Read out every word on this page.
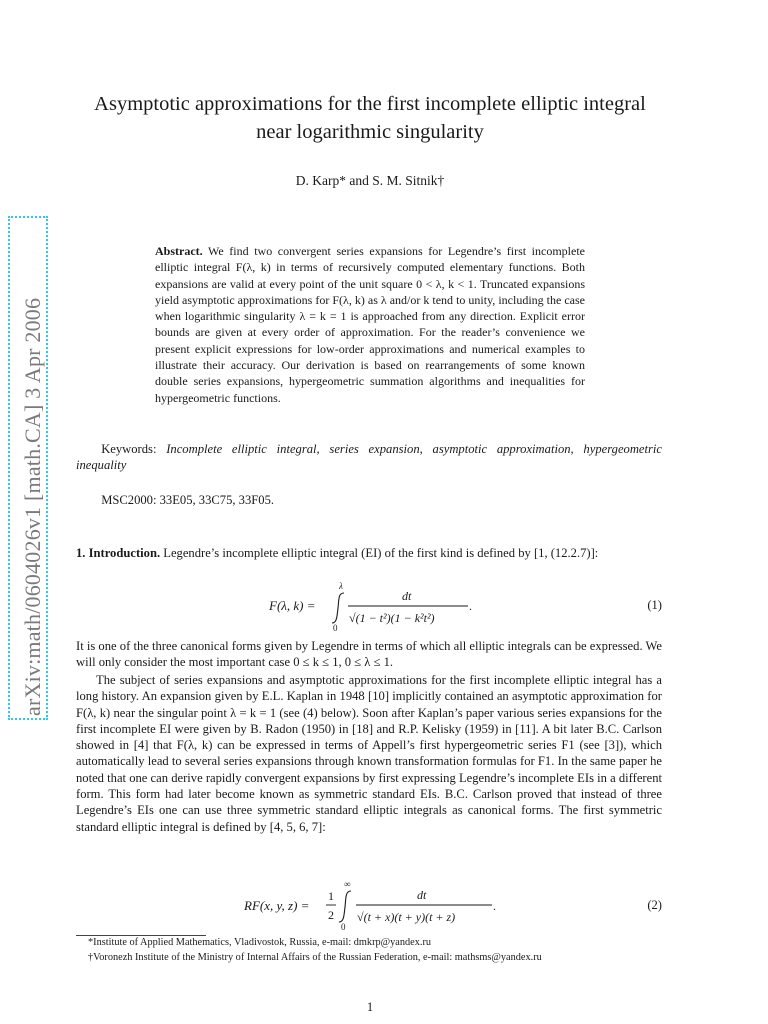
arXiv:math/0604026v1 [math.CA] 3 Apr 2006
Asymptotic approximations for the first incomplete elliptic integral
near logarithmic singularity
D. Karp* and S. M. Sitnik†
Abstract. We find two convergent series expansions for Legendre’s first incomplete elliptic integral F(λ, k) in terms of recursively computed elementary functions. Both expansions are valid at every point of the unit square 0 < λ, k < 1. Truncated expansions yield asymptotic approximations for F(λ, k) as λ and/or k tend to unity, including the case when logarithmic singularity λ = k = 1 is approached from any direction. Explicit error bounds are given at every order of approximation. For the reader’s convenience we present explicit expressions for low-order approximations and numerical examples to illustrate their accuracy. Our derivation is based on rearrangements of some known double series expansions, hypergeometric summation algorithms and inequalities for hypergeometric functions.
  Keywords: Incomplete elliptic integral, series expansion, asymptotic approximation, hypergeometric inequality
  MSC2000: 33E05, 33C75, 33F05.
1. Introduction. Legendre’s incomplete elliptic integral (EI) of the first kind is defined by [1, (12.2.7)]:
F(λ, k) =
λ
0
dt
√(1 − t²)(1 − k²t²)
.	(1)
It is one of the three canonical forms given by Legendre in terms of which all elliptic integrals can be expressed. We will only consider the most important case 0 ≤ k ≤ 1, 0 ≤ λ ≤ 1.
The subject of series expansions and asymptotic approximations for the first incomplete elliptic integral has a long history. An expansion given by E.L. Kaplan in 1948 [10] implicitly contained an asymptotic approximation for F(λ, k) near the singular point λ = k = 1 (see (4) below). Soon after Kaplan’s paper various series expansions for the first incomplete EI were given by B. Radon (1950) in [18] and R.P. Kelisky (1959) in [11]. A bit later B.C. Carlson showed in [4] that F(λ, k) can be expressed in terms of Appell’s first hypergeometric series F1 (see [3]), which automatically lead to several series expansions through known transformation formulas for F1. In the same paper he noted that one can derive rapidly convergent expansions by first expressing Legendre’s incomplete EIs in a different form. This form had later become known as symmetric standard EIs. B.C. Carlson proved that instead of three Legendre’s EIs one can use three symmetric standard elliptic integrals as canonical forms. The first symmetric standard elliptic integral is defined by [4, 5, 6, 7]:
RF(x, y, z) =
1
2
∞
0
dt
√(t + x)(t + y)(t + z)
.	(2)
*Institute of Applied Mathematics, Vladivostok, Russia, e-mail: dmkrp@yandex.ru
†Voronezh Institute of the Ministry of Internal Affairs of the Russian Federation, e-mail: mathsms@yandex.ru
1
